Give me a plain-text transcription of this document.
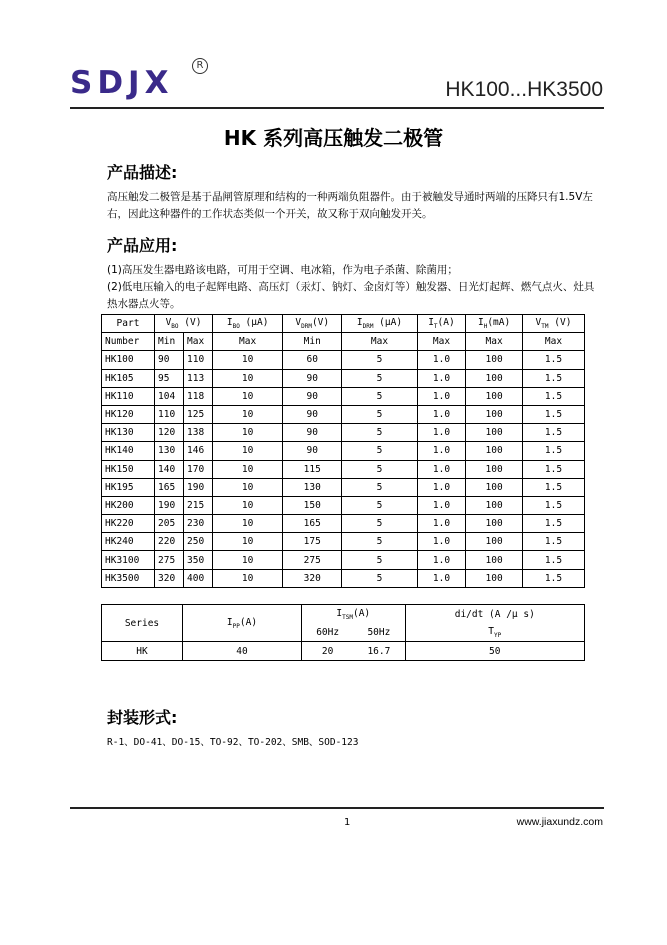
SDJX	R
HK100...HK3500
HK 系列高压触发二极管
产品描述:
高压触发二极管是基于晶闸管原理和结构的一种两端负阻器件。由于被触发导通时两端的压降只有1.5V左右，因此这种器件的工作状态类似一个开关，故又称于双向触发开关。
产品应用:
(1)高压发生器电路该电路，可用于空调、电冰箱，作为电子杀菌、除菌用；
(2)低电压输入的电子起辉电路、高压灯（汞灯、钠灯、金卤灯等）触发器、日光灯起辉、燃气点火、灶具热水器点火等。
Part	$V_{BO}$ (V)		$I_{BO}$ (μA)	$V_{DRM}(V)$	$I_{DRM}$ (μA)	$I_T(A)$	$I_H(mA)$	$V_{TM}$ (V)
Number	Min	Max	Max	Min	Max	Max	Max	Max
HK100	90	110	10	60	5	1.0	100	1.5
HK105	95	113	10	90	5	1.0	100	1.5
HK110	104	118	10	90	5	1.0	100	1.5
HK120	110	125	10	90	5	1.0	100	1.5
HK130	120	138	10	90	5	1.0	100	1.5
HK140	130	146	10	90	5	1.0	100	1.5
HK150	140	170	10	115	5	1.0	100	1.5
HK195	165	190	10	130	5	1.0	100	1.5
HK200	190	215	10	150	5	1.0	100	1.5
HK220	205	230	10	165	5	1.0	100	1.5
HK240	220	250	10	175	5	1.0	100	1.5
HK3100	275	350	10	275	5	1.0	100	1.5
HK3500	320	400	10	320	5	1.0	100	1.5
Series	$I_{PP}(A)$	$I_{TSM}(A)$		di/dt (A /μ s)
		60Hz	50Hz	$T_{YP}$
HK	40	20	16.7	50
封装形式:
R-1、DO-41、DO-15、TO-92、TO-202、SMB、SOD-123
1	www.jiaxundz.com
